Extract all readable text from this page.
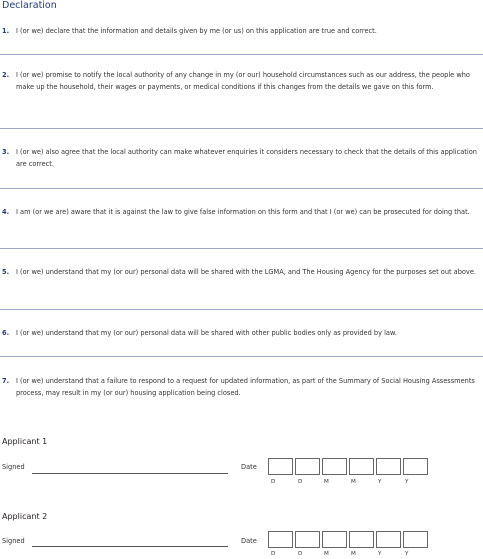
Declaration
1. I (or we) declare that the information and details given by me (or us) on this application are true and correct.
2. I (or we) promise to notify the local authority of any change in my (or our) household circumstances such as our address, the people who make up the household, their wages or payments, or medical conditions if this changes from the details we gave on this form.
3. I (or we) also agree that the local authority can make whatever enquiries it considers necessary to check that the details of this application are correct.
4. I am (or we are) aware that it is against the law to give false information on this form and that I (or we) can be prosecuted for doing that.
5. I (or we) understand that my (or our) personal data will be shared with the LGMA, and The Housing Agency for the purposes set out above.
6. I (or we) understand that my (or our) personal data will be shared with other public bodies only as provided by law.
7. I (or we) understand that a failure to respond to a request for updated information, as part of the Summary of Social Housing Assessments process, may result in my (or our) housing application being closed.
Applicant 1
Signed	Date
D	D	M	M	Y	Y
Applicant 2
Signed	Date
D	D	M	M	Y	Y
